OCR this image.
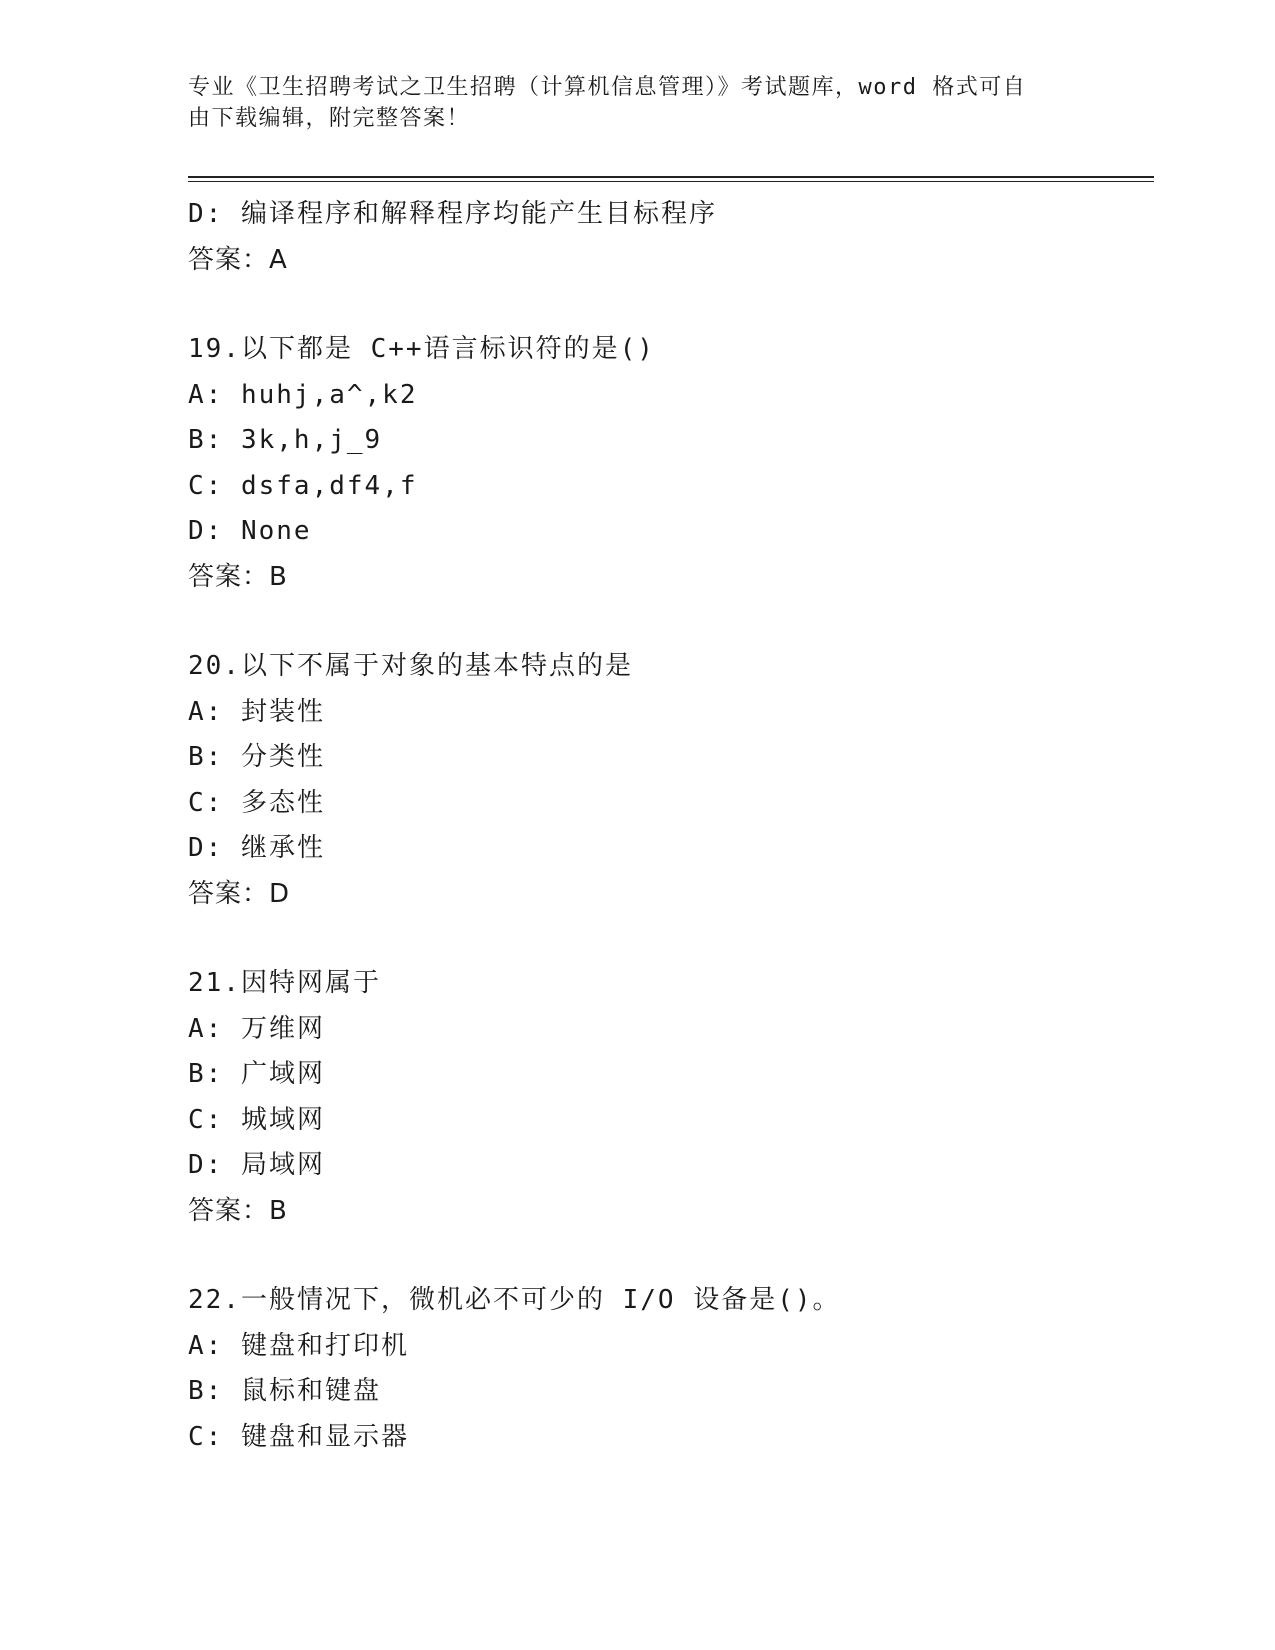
专业《卫生招聘考试之卫生招聘（计算机信息管理）》考试题库，word 格式可自
由下载编辑，附完整答案！
D: 编译程序和解释程序均能产生目标程序
答案：A
19.以下都是 C++语言标识符的是()
A: huhj,a^,k2
B: 3k,h,j_9
C: dsfa,df4,f
D: None
答案：B
20.以下不属于对象的基本特点的是
A: 封装性
B: 分类性
C: 多态性
D: 继承性
答案：D
21.因特网属于
A: 万维网
B: 广域网
C: 城域网
D: 局域网
答案：B
22.一般情况下，微机必不可少的 I/O 设备是()。
A: 键盘和打印机
B: 鼠标和键盘
C: 键盘和显示器
